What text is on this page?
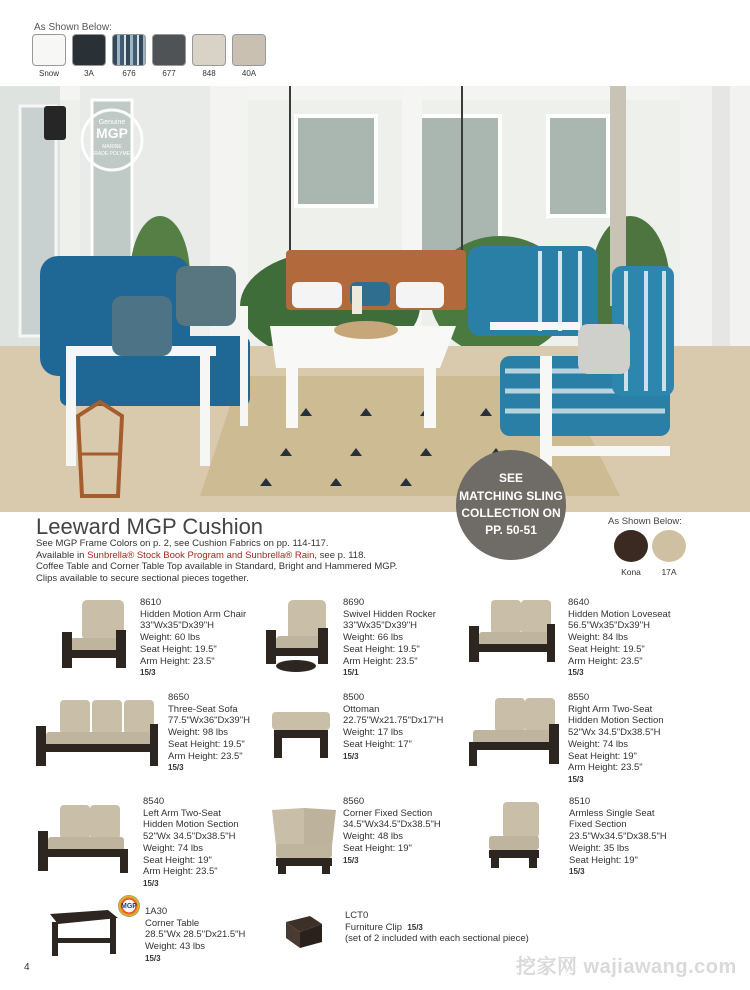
As Shown Below:
Snow	3A	676	677	848	40A
Genuine
MGP
MARINE
GRADE POLYMER
SEE
MATCHING SLING
COLLECTION ON
PP. 50-51
Leeward MGP Cushion
See MGP Frame Colors on p. 2, see Cushion Fabrics on pp. 114-117.
Available in Sunbrella® Stock Book Program and Sunbrella® Rain, see p. 118.
Coffee Table and Corner Table Top available in Standard, Bright and Hammered MGP.
Clips available to secure sectional pieces together.
As Shown Below:
Kona	17A
8610
Hidden Motion Arm Chair
33"Wx35"Dx39"H
Weight: 60 lbs
Seat Height: 19.5"
Arm Height: 23.5"
15/3
8690
Swivel Hidden Rocker
33"Wx35"Dx39"H
Weight: 66 lbs
Seat Height: 19.5"
Arm Height: 23.5"
15/1
8640
Hidden Motion Loveseat
56.5"Wx35"Dx39"H
Weight: 84 lbs
Seat Height: 19.5"
Arm Height: 23.5"
15/3
8650
Three-Seat Sofa
77.5"Wx36"Dx39"H
Weight: 98 lbs
Seat Height: 19.5"
Arm Height: 23.5"
15/3
8500
Ottoman
22.75"Wx21.75"Dx17"H
Weight: 17 lbs
Seat Height: 17"
15/3
8550
Right Arm Two-Seat
Hidden Motion Section
52"Wx 34.5"Dx38.5"H
Weight: 74 lbs
Seat Height: 19"
Arm Height: 23.5"
15/3
8540
Left Arm Two-Seat
Hidden Motion Section
52"Wx 34.5"Dx38.5"H
Weight: 74 lbs
Seat Height: 19"
Arm Height: 23.5"
15/3
8560
Corner Fixed Section
34.5"Wx34.5"Dx38.5"H
Weight: 48 lbs
Seat Height: 19"
15/3
8510
Armless Single Seat
Fixed Section
23.5"Wx34.5"Dx38.5"H
Weight: 35 lbs
Seat Height: 19"
15/3
MGP 1A30
Corner Table
28.5"Wx 28.5"Dx21.5"H
Weight: 43 lbs
15/3
LCT0
Furniture Clip 15/3
(set of 2 included with each sectional piece)
4	挖家网 wajiawang.com
